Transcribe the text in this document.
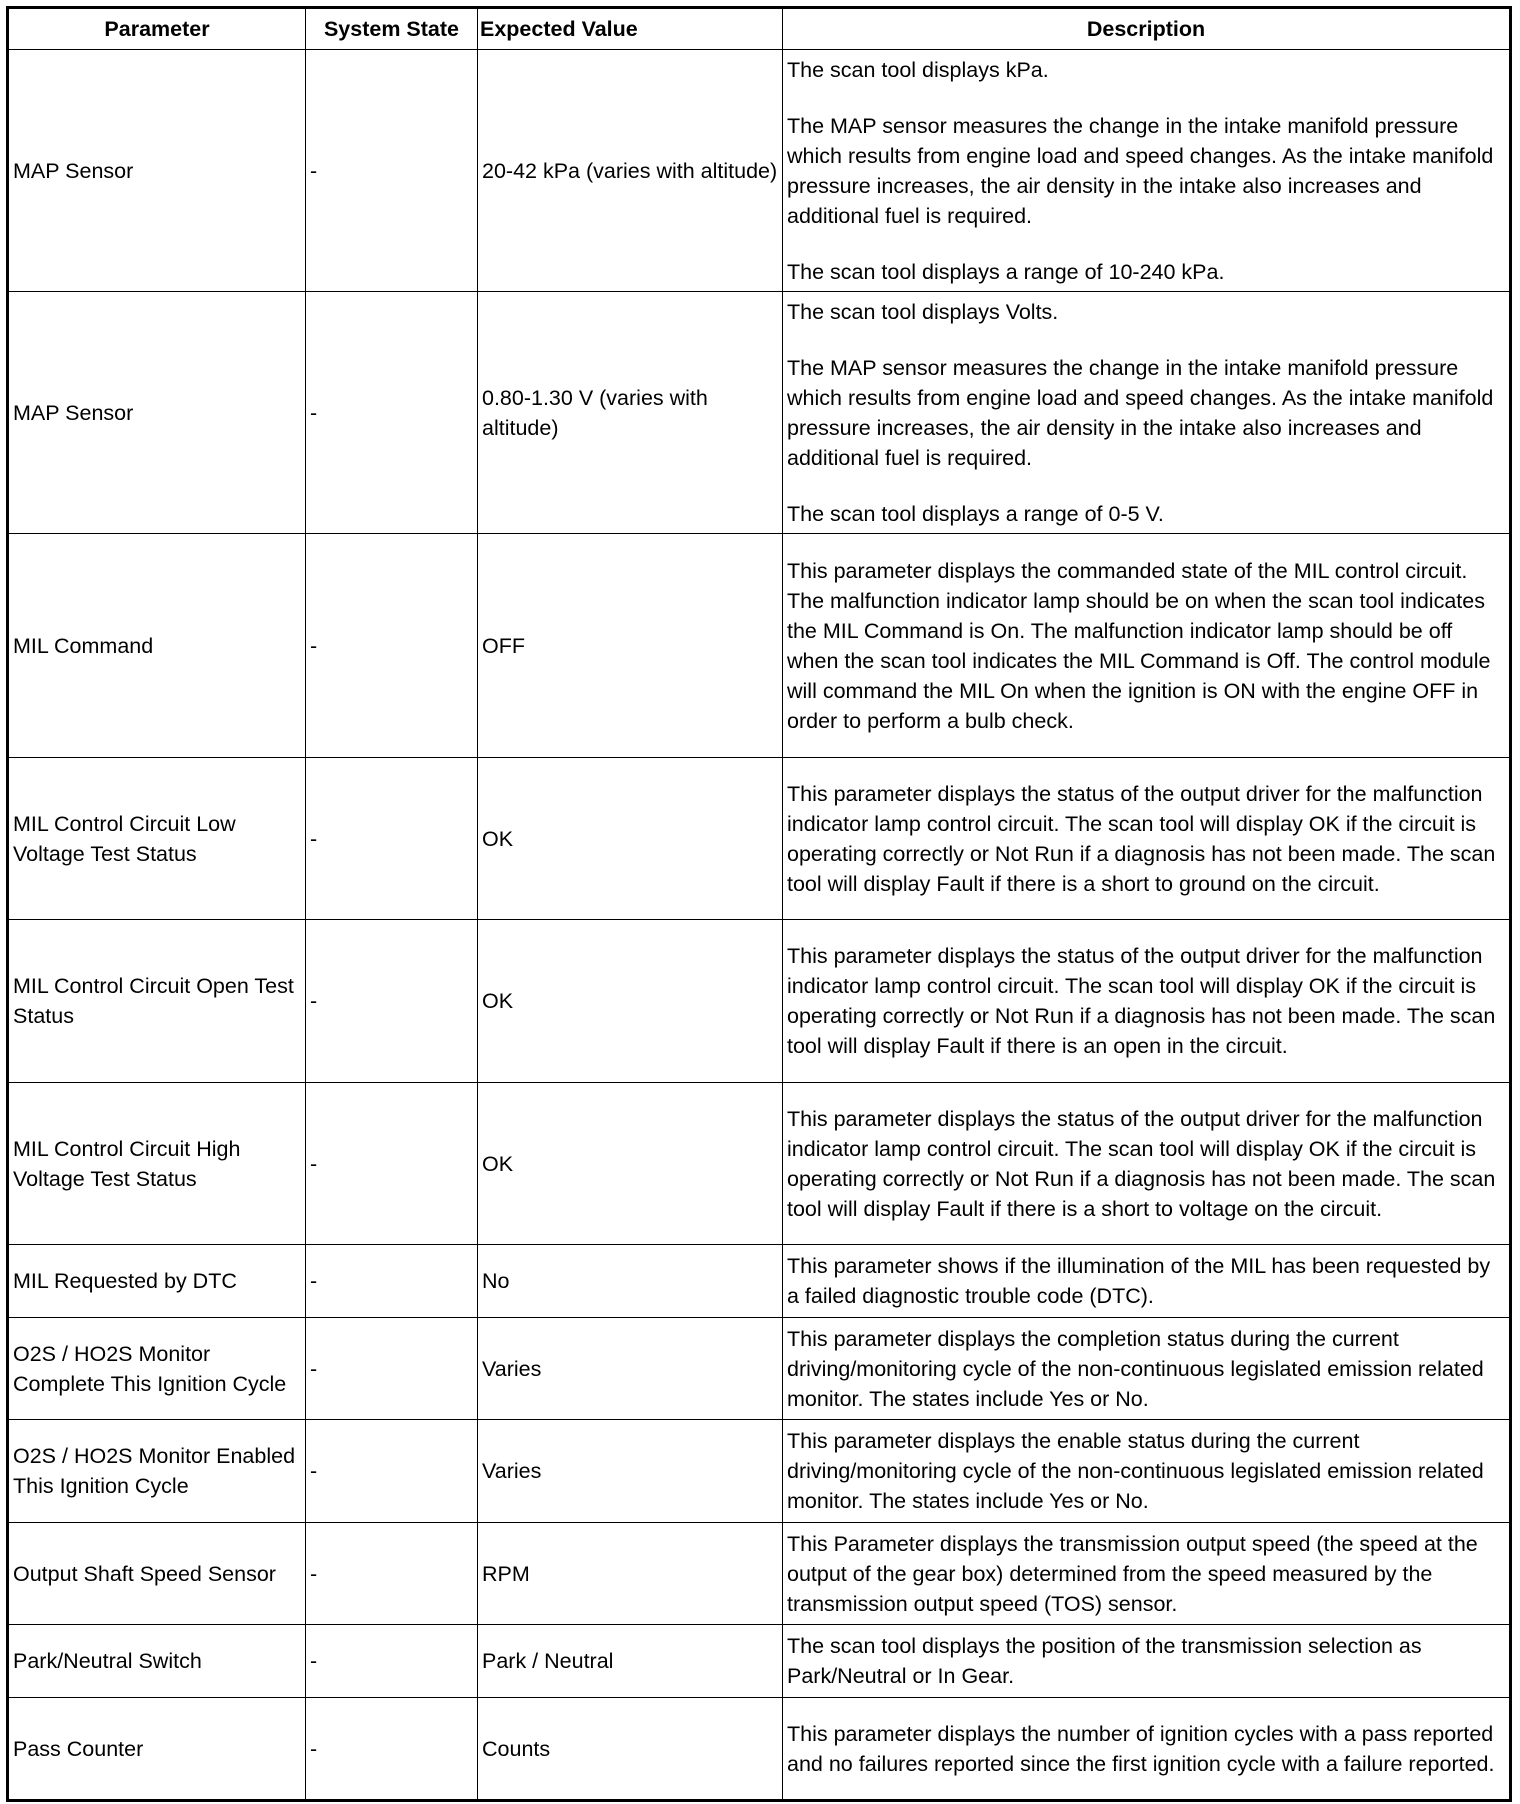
Parameter	System State	Expected Value	Description
MAP Sensor	-	20-42 kPa (varies with altitude)	The scan tool displays kPa.

The MAP sensor measures the change in the intake manifold pressure which results from engine load and speed changes. As the intake manifold pressure increases, the air density in the intake also increases and additional fuel is required.

The scan tool displays a range of 10-240 kPa.

MAP Sensor	-	0.80-1.30 V (varies with altitude)	The scan tool displays Volts.

The MAP sensor measures the change in the intake manifold pressure which results from engine load and speed changes. As the intake manifold pressure increases, the air density in the intake also increases and additional fuel is required.

The scan tool displays a range of 0-5 V.

MIL Command	-	OFF	This parameter displays the commanded state of the MIL control circuit. The malfunction indicator lamp should be on when the scan tool indicates the MIL Command is On. The malfunction indicator lamp should be off when the scan tool indicates the MIL Command is Off. The control module will command the MIL On when the ignition is ON with the engine OFF in order to perform a bulb check.

MIL Control Circuit Low Voltage Test Status	-	OK	This parameter displays the status of the output driver for the malfunction indicator lamp control circuit. The scan tool will display OK if the circuit is operating correctly or Not Run if a diagnosis has not been made. The scan tool will display Fault if there is a short to ground on the circuit.

MIL Control Circuit Open Test Status	-	OK	This parameter displays the status of the output driver for the malfunction indicator lamp control circuit. The scan tool will display OK if the circuit is operating correctly or Not Run if a diagnosis has not been made. The scan tool will display Fault if there is an open in the circuit.

MIL Control Circuit High Voltage Test Status	-	OK	This parameter displays the status of the output driver for the malfunction indicator lamp control circuit. The scan tool will display OK if the circuit is operating correctly or Not Run if a diagnosis has not been made. The scan tool will display Fault if there is a short to voltage on the circuit.

MIL Requested by DTC	-	No	This parameter shows if the illumination of the MIL has been requested by a failed diagnostic trouble code (DTC).

O2S / HO2S Monitor Complete This Ignition Cycle	-	Varies	This parameter displays the completion status during the current driving/monitoring cycle of the non-continuous legislated emission related monitor. The states include Yes or No.

O2S / HO2S Monitor Enabled This Ignition Cycle	-	Varies	This parameter displays the enable status during the current driving/monitoring cycle of the non-continuous legislated emission related monitor. The states include Yes or No.

Output Shaft Speed Sensor	-	RPM	This Parameter displays the transmission output speed (the speed at the output of the gear box) determined from the speed measured by the transmission output speed (TOS) sensor.

Park/Neutral Switch	-	Park / Neutral	The scan tool displays the position of the transmission selection as Park/Neutral or In Gear.

Pass Counter	-	Counts	This parameter displays the number of ignition cycles with a pass reported and no failures reported since the first ignition cycle with a failure reported.
